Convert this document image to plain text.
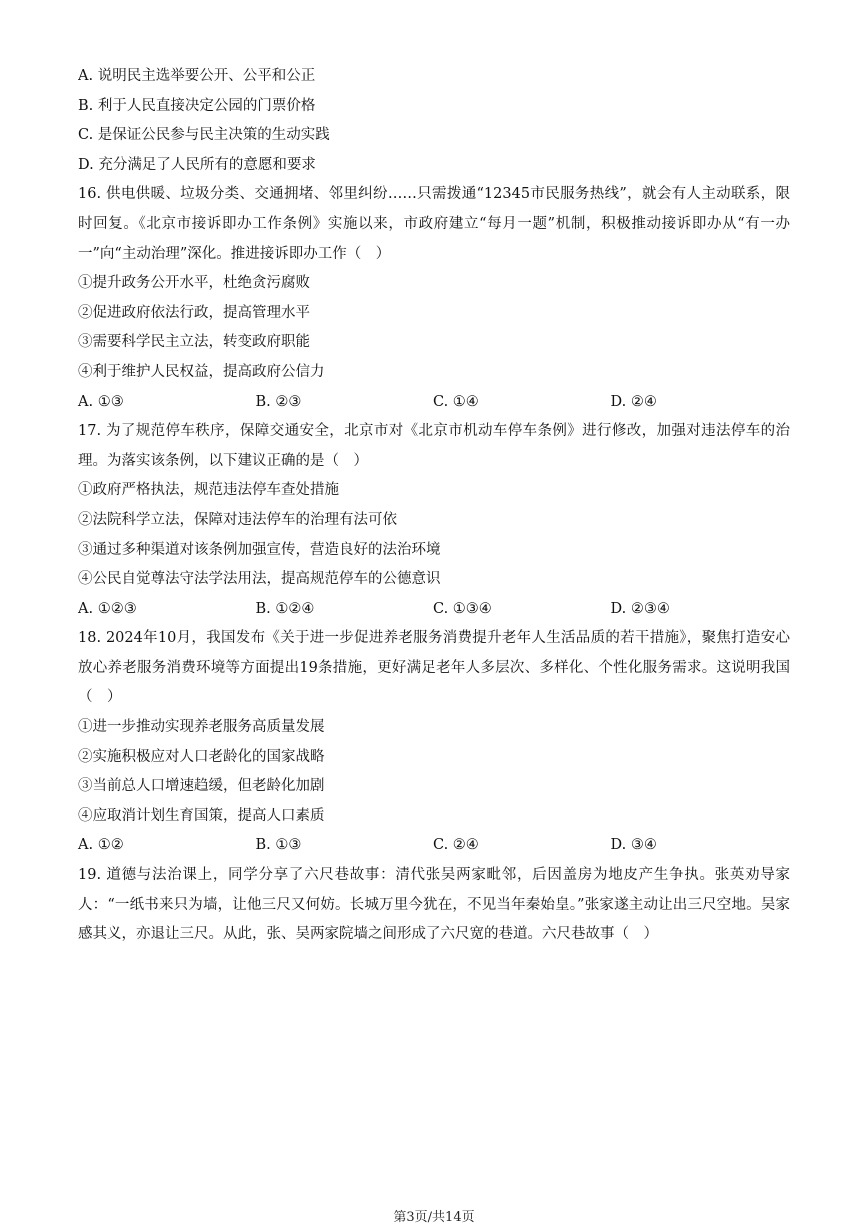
A. 说明民主选举要公开、公平和公正
B. 利于人民直接决定公园的门票价格
C. 是保证公民参与民主决策的生动实践
D. 充分满足了人民所有的意愿和要求
16. 供电供暖、垃圾分类、交通拥堵、邻里纠纷……只需拨通“12345市民服务热线”，就会有人主动联系，限时回复。《北京市接诉即办工作条例》实施以来，市政府建立“每月一题”机制，积极推动接诉即办从“有一办一”向“主动治理”深化。推进接诉即办工作（　）
①提升政务公开水平，杜绝贪污腐败
②促进政府依法行政，提高管理水平
③需要科学民主立法，转变政府职能
④利于维护人民权益，提高政府公信力
A. ①③	B. ②③	C. ①④	D. ②④
17. 为了规范停车秩序，保障交通安全，北京市对《北京市机动车停车条例》进行修改，加强对违法停车的治理。为落实该条例，以下建议正确的是（　）
①政府严格执法，规范违法停车查处措施
②法院科学立法，保障对违法停车的治理有法可依
③通过多种渠道对该条例加强宣传，营造良好的法治环境
④公民自觉尊法守法学法用法，提高规范停车的公德意识
A. ①②③	B. ①②④	C. ①③④	D. ②③④
18. 2024年10月，我国发布《关于进一步促进养老服务消费提升老年人生活品质的若干措施》，聚焦打造安心放心养老服务消费环境等方面提出19条措施，更好满足老年人多层次、多样化、个性化服务需求。这说明我国（　）
①进一步推动实现养老服务高质量发展
②实施积极应对人口老龄化的国家战略
③当前总人口增速趋缓，但老龄化加剧
④应取消计划生育国策，提高人口素质
A. ①②	B. ①③	C. ②④	D. ③④
19. 道德与法治课上，同学分享了六尺巷故事：清代张吴两家毗邻，后因盖房为地皮产生争执。张英劝导家人：“一纸书来只为墙，让他三尺又何妨。长城万里今犹在，不见当年秦始皇。”张家遂主动让出三尺空地。吴家感其义，亦退让三尺。从此，张、吴两家院墙之间形成了六尺宽的巷道。六尺巷故事（　）
第3页/共14页
